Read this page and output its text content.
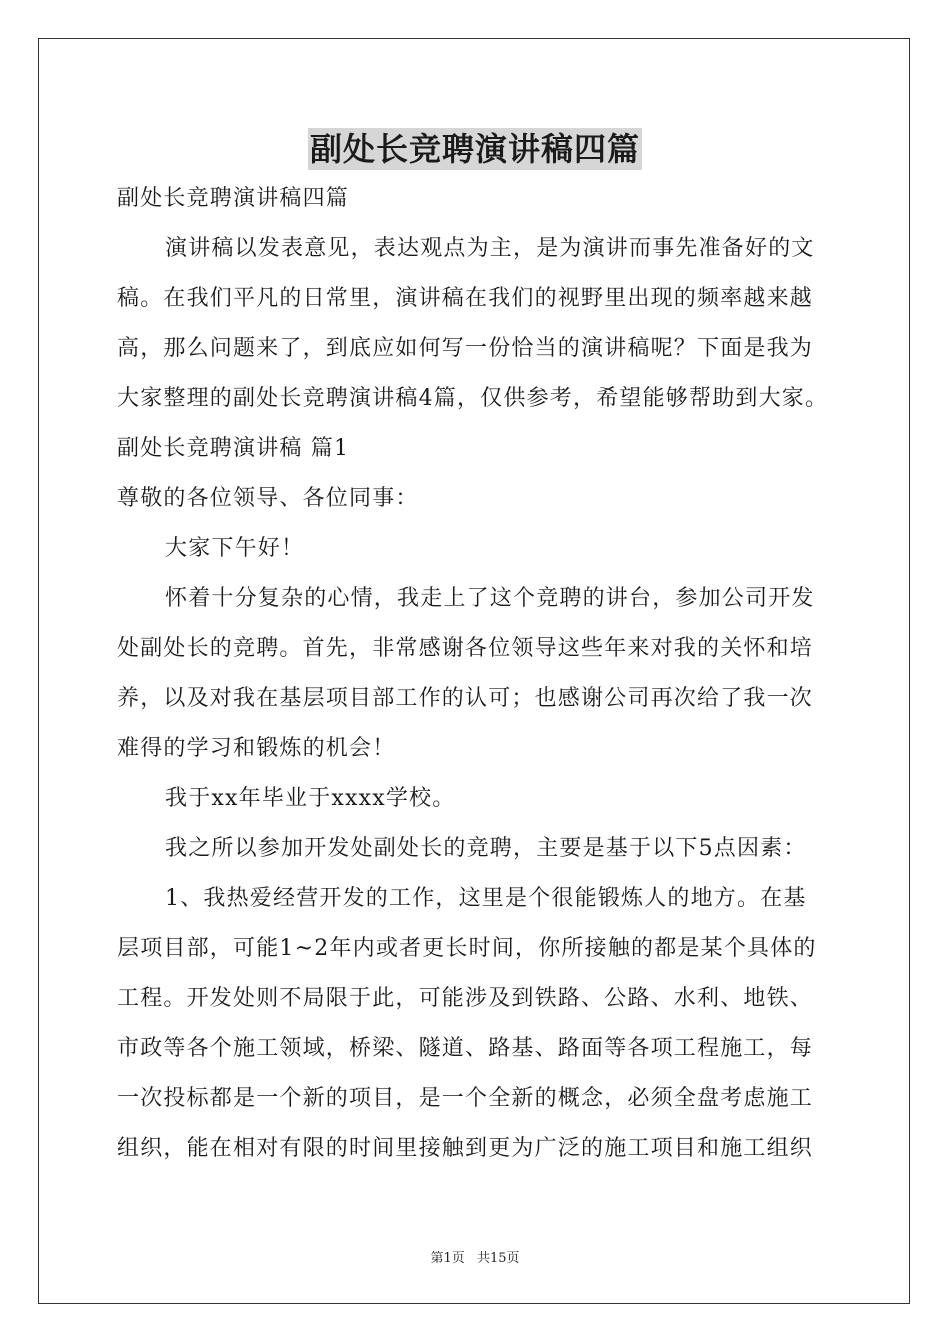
副处长竞聘演讲稿四篇
副处长竞聘演讲稿四篇
演讲稿以发表意见，表达观点为主，是为演讲而事先准备好的文
稿。在我们平凡的日常里，演讲稿在我们的视野里出现的频率越来越
高，那么问题来了，到底应如何写一份恰当的演讲稿呢？下面是我为
大家整理的副处长竞聘演讲稿4篇，仅供参考，希望能够帮助到大家。
副处长竞聘演讲稿 篇1
尊敬的各位领导、各位同事：
大家下午好！
怀着十分复杂的心情，我走上了这个竞聘的讲台，参加公司开发
处副处长的竞聘。首先，非常感谢各位领导这些年来对我的关怀和培
养，以及对我在基层项目部工作的认可；也感谢公司再次给了我一次
难得的学习和锻炼的机会！
我于xx年毕业于xxxx学校。
我之所以参加开发处副处长的竞聘，主要是基于以下5点因素：
1、我热爱经营开发的工作，这里是个很能锻炼人的地方。在基
层项目部，可能1~2年内或者更长时间，你所接触的都是某个具体的
工程。开发处则不局限于此，可能涉及到铁路、公路、水利、地铁、
市政等各个施工领域，桥梁、隧道、路基、路面等各项工程施工，每
一次投标都是一个新的项目，是一个全新的概念，必须全盘考虑施工
组织，能在相对有限的时间里接触到更为广泛的施工项目和施工组织
第1页 共15页
